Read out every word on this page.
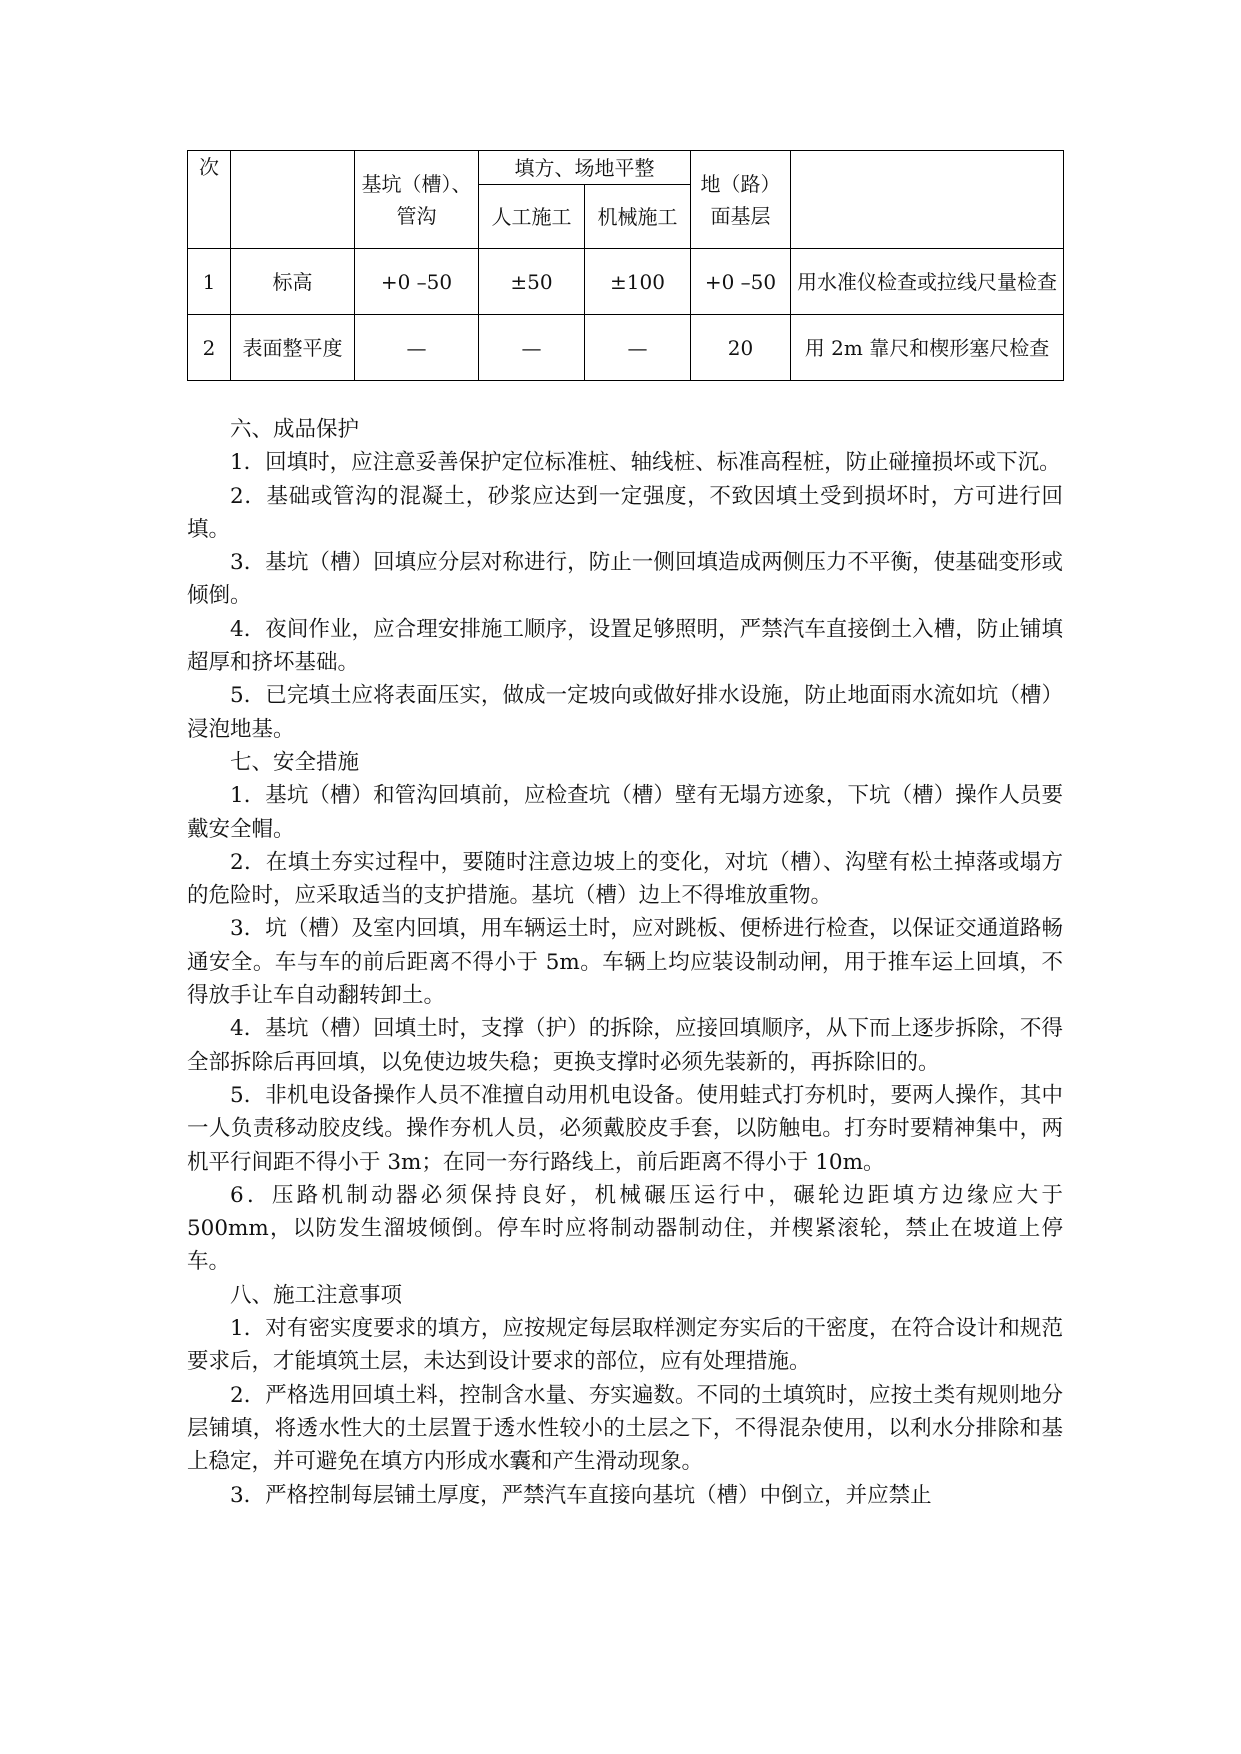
次		基坑（槽）、管沟	填方、场地平整		地（路）面基层	
			人工施工	机械施工		
1	标高	+0 –50	±50	±100	+0 –50	用水准仪检查或拉线尺量检查
2	表面整平度	—	—	—	20	用 2m 靠尺和楔形塞尺检查

六、成品保护

1．回填时，应注意妥善保护定位标准桩、轴线桩、标准高程桩，防止碰撞损坏或下沉。

2．基础或管沟的混凝土，砂浆应达到一定强度，不致因填土受到损坏时，方可进行回填。

3．基坑（槽）回填应分层对称进行，防止一侧回填造成两侧压力不平衡，使基础变形或倾倒。

4．夜间作业，应合理安排施工顺序，设置足够照明，严禁汽车直接倒土入槽，防止铺填超厚和挤坏基础。

5．已完填土应将表面压实，做成一定坡向或做好排水设施，防止地面雨水流如坑（槽）浸泡地基。

七、安全措施

1．基坑（槽）和管沟回填前，应检查坑（槽）壁有无塌方迹象，下坑（槽）操作人员要戴安全帽。

2．在填土夯实过程中，要随时注意边坡上的变化，对坑（槽）、沟壁有松土掉落或塌方的危险时，应采取适当的支护措施。基坑（槽）边上不得堆放重物。

3．坑（槽）及室内回填，用车辆运土时，应对跳板、便桥进行检查，以保证交通道路畅通安全。车与车的前后距离不得小于 5m。车辆上均应装设制动闸，用于推车运上回填，不得放手让车自动翻转卸土。

4．基坑（槽）回填土时，支撑（护）的拆除，应接回填顺序，从下而上逐步拆除，不得全部拆除后再回填，以免使边坡失稳；更换支撑时必须先装新的，再拆除旧的。

5．非机电设备操作人员不准擅自动用机电设备。使用蛙式打夯机时，要两人操作，其中一人负责移动胶皮线。操作夯机人员，必须戴胶皮手套，以防触电。打夯时要精神集中，两机平行间距不得小于 3m；在同一夯行路线上，前后距离不得小于 10m。

6．压路机制动器必须保持良好，机械碾压运行中，碾轮边距填方边缘应大于 500mm，以防发生溜坡倾倒。停车时应将制动器制动住，并楔紧滚轮，禁止在坡道上停车。

八、施工注意事项

1．对有密实度要求的填方，应按规定每层取样测定夯实后的干密度，在符合设计和规范要求后，才能填筑土层，未达到设计要求的部位，应有处理措施。

2．严格选用回填土料，控制含水量、夯实遍数。不同的土填筑时，应按土类有规则地分层铺填，将透水性大的土层置于透水性较小的土层之下，不得混杂使用，以利水分排除和基上稳定，并可避免在填方内形成水囊和产生滑动现象。

3．严格控制每层铺土厚度，严禁汽车直接向基坑（槽）中倒立，并应禁止
